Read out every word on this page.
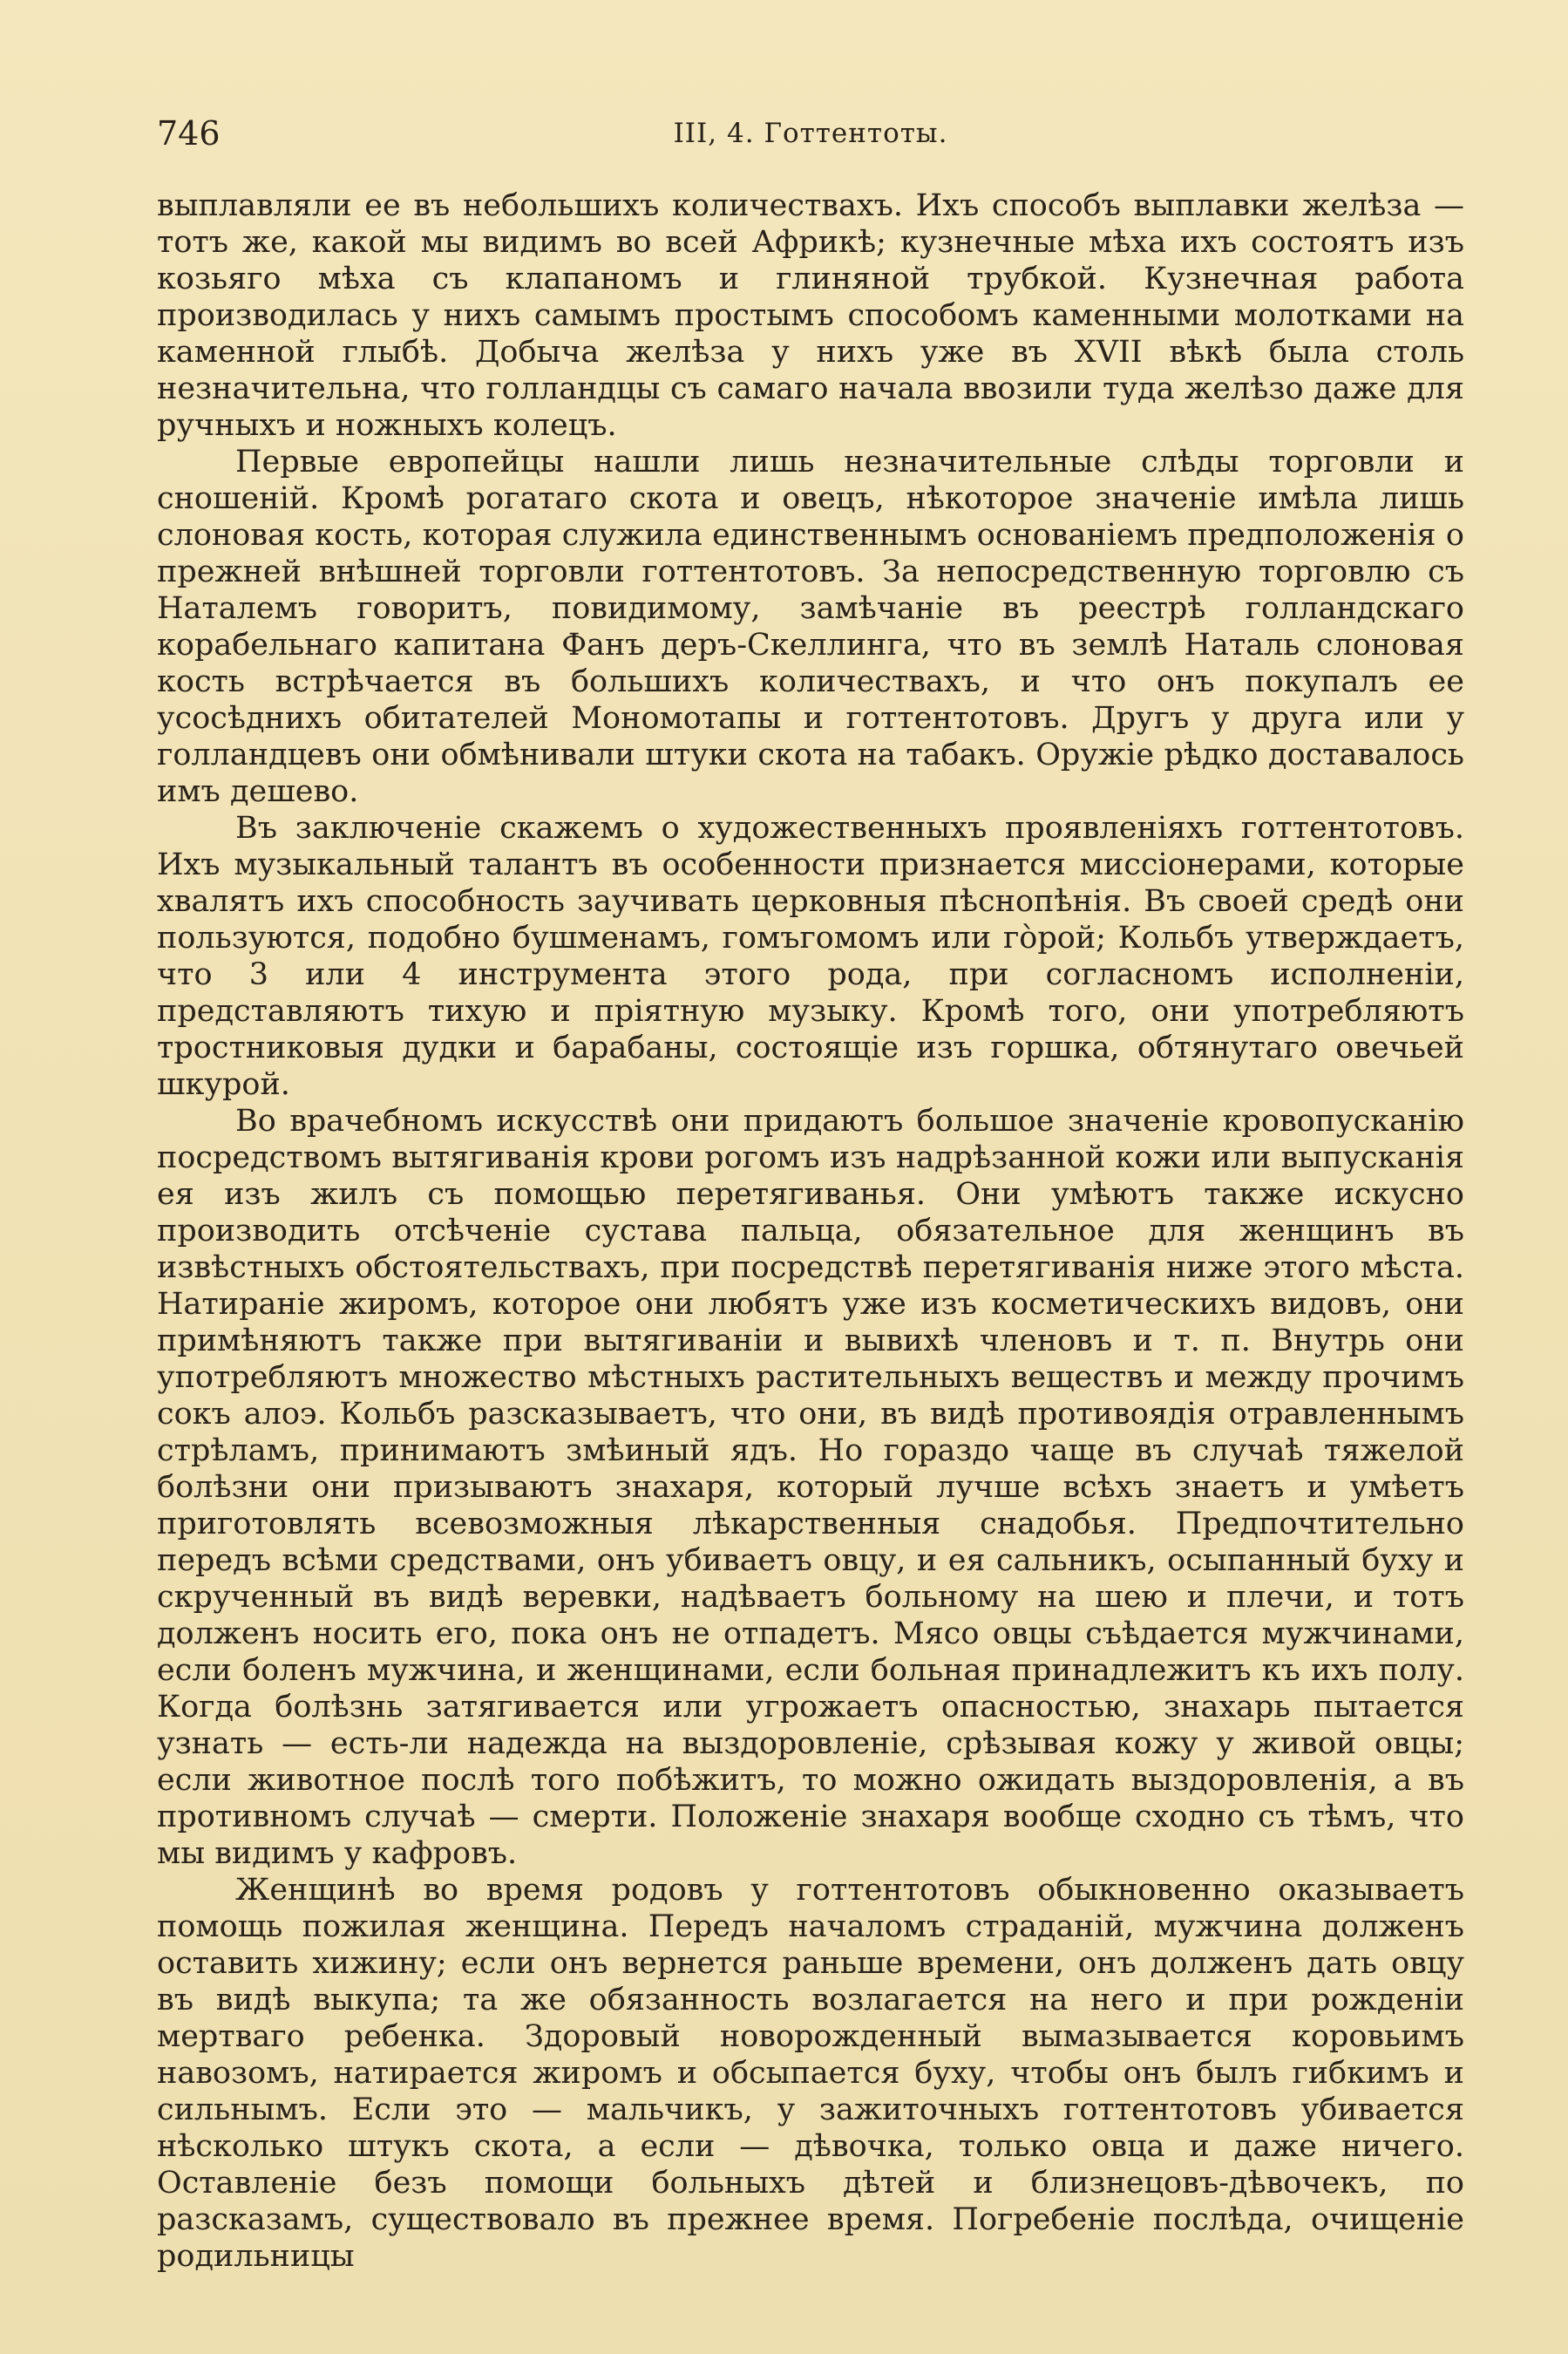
746	III, 4. Готтентоты.

выплавляли ее въ небольшихъ количествахъ. Ихъ способъ выплавки желѣза — тотъ же, какой мы видимъ во всей Африкѣ; кузнечные мѣха ихъ состоятъ изъ козьяго мѣха съ клапаномъ и глиняной трубкой. Кузнечная работа производилась у нихъ самымъ простымъ способомъ каменными молотками на каменной глыбѣ. Добыча желѣза у нихъ уже въ XVII вѣкѣ была столь незначительна, что голландцы съ самаго начала ввозили туда желѣзо даже для ручныхъ и ножныхъ колецъ.

Первые европейцы нашли лишь незначительные слѣды торговли и сношенiй. Кромѣ рогатаго скота и овецъ, нѣкоторое значенiе имѣла лишь слоновая кость, которая служила единственнымъ основанiемъ предположенiя о прежней внѣшней торговли готтентотовъ. За непосредственную торговлю съ Наталемъ говоритъ, повидимому, замѣчанiе въ реестрѣ голландскаго корабельнаго капитана Фанъ деръ-Скеллинга, что въ землѣ Наталь слоновая кость встрѣчается въ большихъ количествахъ, и что онъ покупалъ ее усосѣднихъ обитателей Мономотапы и готтентотовъ. Другъ у друга или у голландцевъ они обмѣнивали штуки скота на табакъ. Оружiе рѣдко доставалось имъ дешево.

Въ заключенiе скажемъ о художественныхъ проявленiяхъ готтентотовъ. Ихъ музыкальный талантъ въ особенности признается миссiонерами, которые хвалятъ ихъ способность заучивать церковныя пѣснопѣнiя. Въ своей средѣ они пользуются, подобно бушменамъ, гомъгомомъ или гòрой; Кольбъ утверждаетъ, что 3 или 4 инструмента этого рода, при согласномъ исполненiи, представляютъ тихую и прiятную музыку. Кромѣ того, они употребляютъ тростниковыя дудки и барабаны, состоящiе изъ горшка, обтянутаго овечьей шкурой.

Во врачебномъ искусствѣ они придаютъ большое значенiе кровопусканiю посредствомъ вытягиванiя крови рогомъ изъ надрѣзанной кожи или выпусканiя ея изъ жилъ съ помощью перетягиванья. Они умѣютъ также искусно производить отсѣченiе сустава пальца, обязательное для женщинъ въ извѣстныхъ обстоятельствахъ, при посредствѣ перетягиванiя ниже этого мѣста. Натиранiе жиромъ, которое они любятъ уже изъ косметическихъ видовъ, они примѣняютъ также при вытягиванiи и вывихѣ членовъ и т. п. Внутрь они употребляютъ множество мѣстныхъ растительныхъ веществъ и между прочимъ сокъ алоэ. Кольбъ разсказываетъ, что они, въ видѣ противоядiя отравленнымъ стрѣламъ, принимаютъ змѣиный ядъ. Но гораздо чаще въ случаѣ тяжелой болѣзни они призываютъ знахаря, который лучше всѣхъ знаетъ и умѣетъ приготовлять всевозможныя лѣкарственныя снадобья. Предпочтительно передъ всѣми средствами, онъ убиваетъ овцу, и ея сальникъ, осыпанный буху и скрученный въ видѣ веревки, надѣваетъ больному на шею и плечи, и тотъ долженъ носить его, пока онъ не отпадетъ. Мясо овцы съѣдается мужчинами, если боленъ мужчина, и женщинами, если больная принадлежитъ къ ихъ полу. Когда болѣзнь затягивается или угрожаетъ опасностью, знахарь пытается узнать — есть-ли надежда на выздоровленiе, срѣзывая кожу у живой овцы; если животное послѣ того побѣжитъ, то можно ожидать выздоровленiя, а въ противномъ случаѣ — смерти. Положенiе знахаря вообще сходно съ тѣмъ, что мы видимъ у кафровъ.

Женщинѣ во время родовъ у готтентотовъ обыкновенно оказываетъ помощь пожилая женщина. Передъ началомъ страданiй, мужчина долженъ оставить хижину; если онъ вернется раньше времени, онъ долженъ дать овцу въ видѣ выкупа; та же обязанность возлагается на него и при рожденiи мертваго ребенка. Здоровый новорожденный вымазывается коровьимъ навозомъ, натирается жиромъ и обсыпается буху, чтобы онъ былъ гибкимъ и сильнымъ. Если это — мальчикъ, у зажиточныхъ готтентотовъ убивается нѣсколько штукъ скота, а если — дѣвочка, только овца и даже ничего. Оставленiе безъ помощи больныхъ дѣтей и близнецовъ-дѣвочекъ, по разсказамъ, существовало въ прежнее время. Погребенiе послѣда, очищенiе родильницы
